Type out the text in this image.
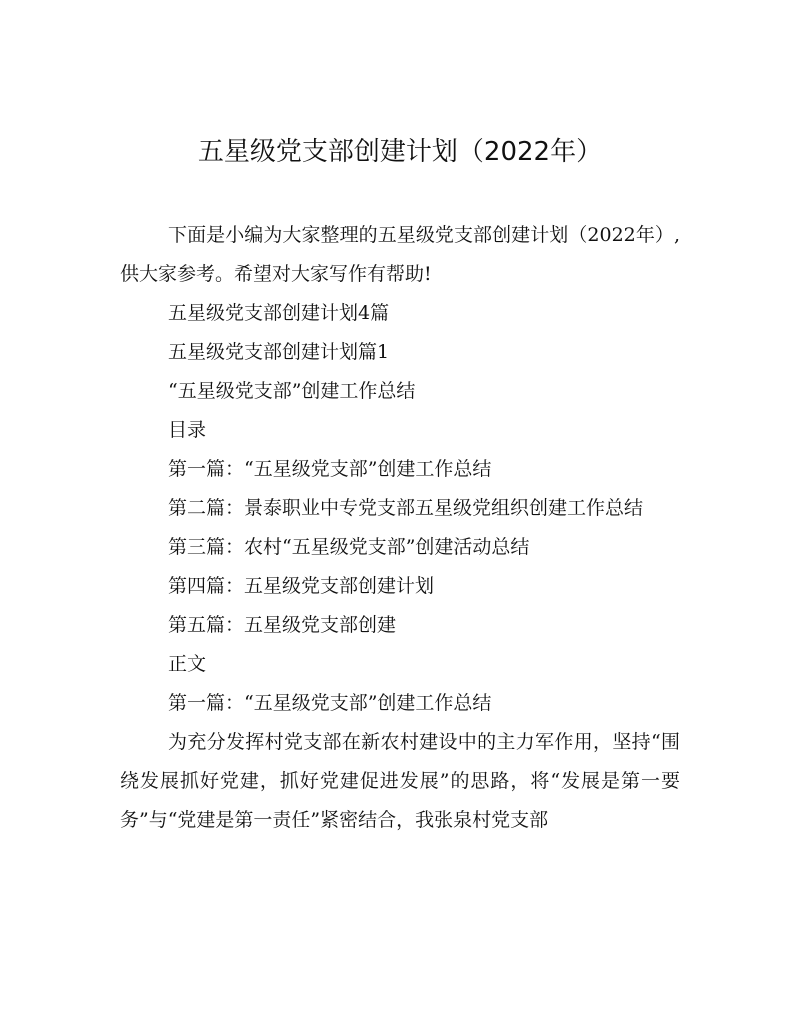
五星级党支部创建计划（2022年）

下面是小编为大家整理的五星级党支部创建计划（2022年）,供大家参考。希望对大家写作有帮助!

五星级党支部创建计划4篇

五星级党支部创建计划篇1

“五星级党支部”创建工作总结

目录

第一篇：“五星级党支部”创建工作总结

第二篇：景泰职业中专党支部五星级党组织创建工作总结

第三篇：农村“五星级党支部”创建活动总结

第四篇：五星级党支部创建计划

第五篇：五星级党支部创建

正文

第一篇：“五星级党支部”创建工作总结

为充分发挥村党支部在新农村建设中的主力军作用，坚持“围绕发展抓好党建，抓好党建促进发展”的思路，将“发展是第一要务”与“党建是第一责任”紧密结合，我张泉村党支部
